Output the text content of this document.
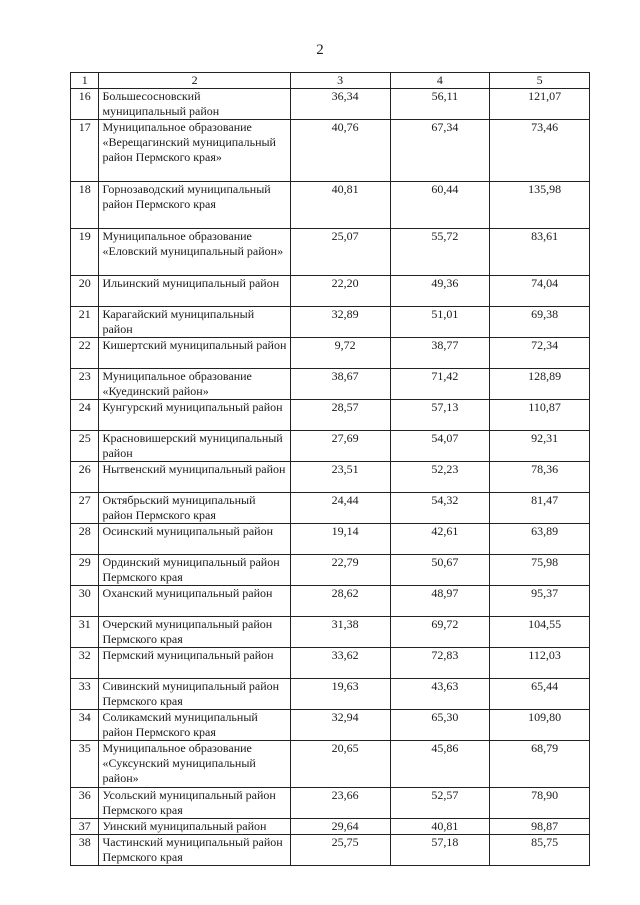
2
1	2	3	4	5
16	Большесосновский муниципальный район	36,34	56,11	121,07
17	Муниципальное образование «Верещагинский муниципальный район Пермского края»	40,76	67,34	73,46
18	Горнозаводский муниципальный район Пермского края	40,81	60,44	135,98
19	Муниципальное образование «Еловский муниципальный район»	25,07	55,72	83,61
20	Ильинский муниципальный район	22,20	49,36	74,04
21	Карагайский муниципальный район	32,89	51,01	69,38
22	Кишертский муниципальный район	9,72	38,77	72,34
23	Муниципальное образование «Куединский район»	38,67	71,42	128,89
24	Кунгурский муниципальный район	28,57	57,13	110,87
25	Красновишерский муниципальный район	27,69	54,07	92,31
26	Нытвенский муниципальный район	23,51	52,23	78,36
27	Октябрьский муниципальный район Пермского края	24,44	54,32	81,47
28	Осинский муниципальный район	19,14	42,61	63,89
29	Ординский муниципальный район Пермского края	22,79	50,67	75,98
30	Оханский муниципальный район	28,62	48,97	95,37
31	Очерский муниципальный район Пермского края	31,38	69,72	104,55
32	Пермский муниципальный район	33,62	72,83	112,03
33	Сивинский муниципальный район Пермского края	19,63	43,63	65,44
34	Соликамский муниципальный район Пермского края	32,94	65,30	109,80
35	Муниципальное образование «Суксунский муниципальный район»	20,65	45,86	68,79
36	Усольский муниципальный район Пермского края	23,66	52,57	78,90
37	Уинский муниципальный район	29,64	40,81	98,87
38	Частинский муниципальный район Пермского края	25,75	57,18	85,75
